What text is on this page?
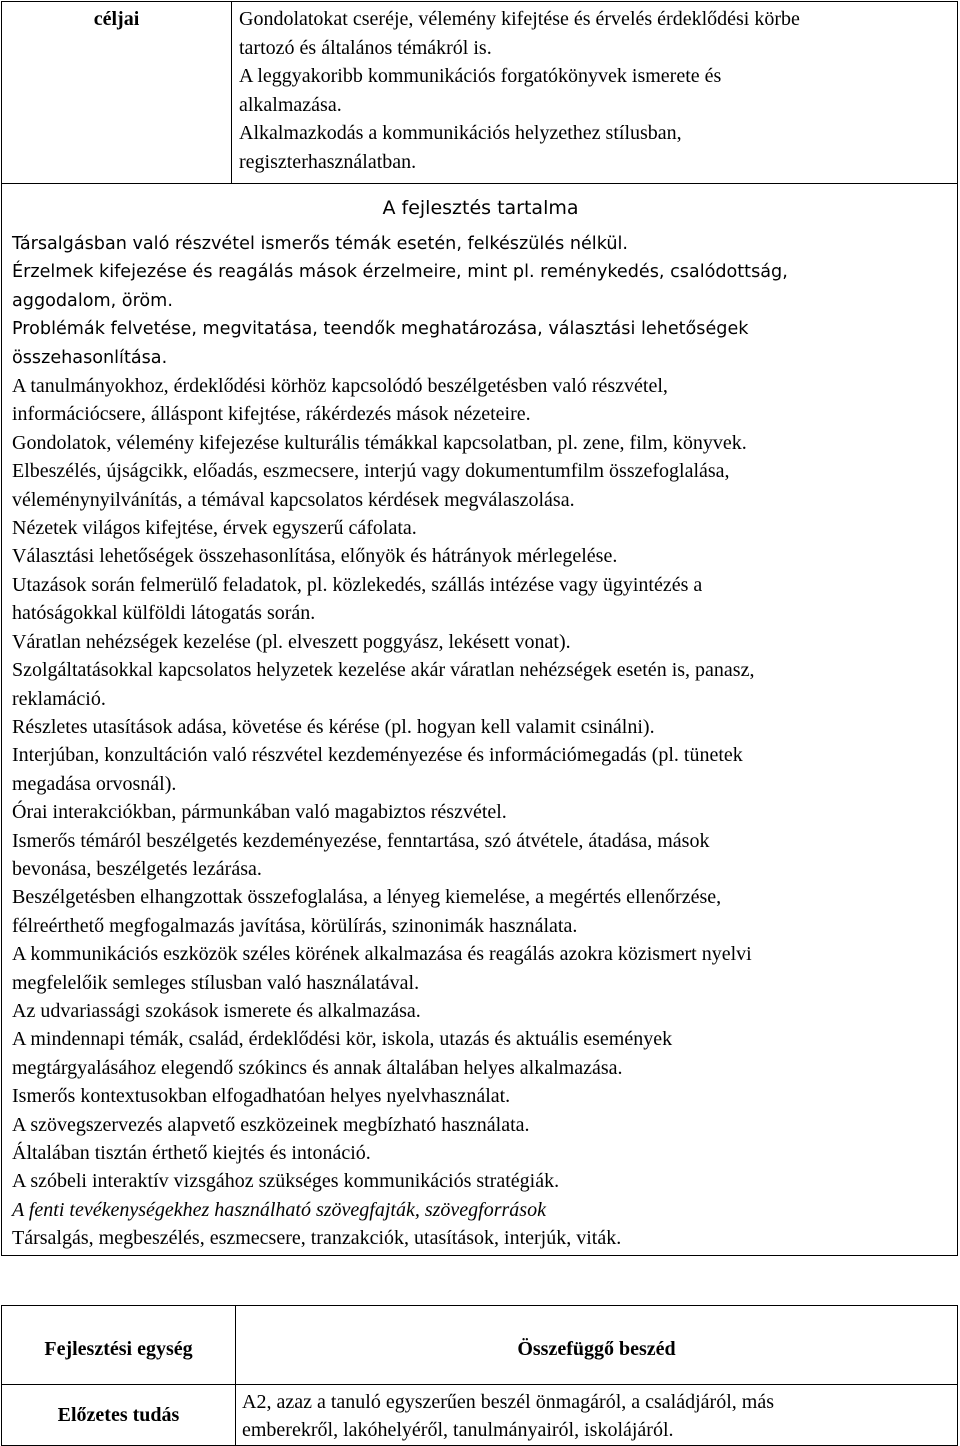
céljai	Gondolatokat cseréje, vélemény kifejtése és érvelés érdeklődési körbe
tartozó és általános témákról is.
A leggyakoribb kommunikációs forgatókönyvek ismerete és
alkalmazása.
Alkalmazkodás a kommunikációs helyzethez stílusban,
regiszterhasználatban.

A fejlesztés tartalma
Társalgásban való részvétel ismerős témák esetén, felkészülés nélkül.
Érzelmek kifejezése és reagálás mások érzelmeire, mint pl. reménykedés, csalódottság,
aggodalom, öröm.
Problémák felvetése, megvitatása, teendők meghatározása, választási lehetőségek
összehasonlítása.
A tanulmányokhoz, érdeklődési körhöz kapcsolódó beszélgetésben való részvétel,
információcsere, álláspont kifejtése, rákérdezés mások nézeteire.
Gondolatok, vélemény kifejezése kulturális témákkal kapcsolatban, pl. zene, film, könyvek.
Elbeszélés, újságcikk, előadás, eszmecsere, interjú vagy dokumentumfilm összefoglalása,
véleménynyilvánítás, a témával kapcsolatos kérdések megválaszolása.
Nézetek világos kifejtése, érvek egyszerű cáfolata.
Választási lehetőségek összehasonlítása, előnyök és hátrányok mérlegelése.
Utazások során felmerülő feladatok, pl. közlekedés, szállás intézése vagy ügyintézés a
hatóságokkal külföldi látogatás során.
Váratlan nehézségek kezelése (pl. elveszett poggyász, lekésett vonat).
Szolgáltatásokkal kapcsolatos helyzetek kezelése akár váratlan nehézségek esetén is, panasz,
reklamáció.
Részletes utasítások adása, követése és kérése (pl. hogyan kell valamit csinálni).
Interjúban, konzultáción való részvétel kezdeményezése és információmegadás (pl. tünetek
megadása orvosnál).
Órai interakciókban, pármunkában való magabiztos részvétel.
Ismerős témáról beszélgetés kezdeményezése, fenntartása, szó átvétele, átadása, mások
bevonása, beszélgetés lezárása.
Beszélgetésben elhangzottak összefoglalása, a lényeg kiemelése, a megértés ellenőrzése,
félreérthető megfogalmazás javítása, körülírás, szinonimák használata.
A kommunikációs eszközök széles körének alkalmazása és reagálás azokra közismert nyelvi
megfelelőik semleges stílusban való használatával.
Az udvariassági szokások ismerete és alkalmazása.
A mindennapi témák, család, érdeklődési kör, iskola, utazás és aktuális események
megtárgyalásához elegendő szókincs és annak általában helyes alkalmazása.
Ismerős kontextusokban elfogadhatóan helyes nyelvhasználat.
A szövegszervezés alapvető eszközeinek megbízható használata.
Általában tisztán érthető kiejtés és intonáció.
A szóbeli interaktív vizsgához szükséges kommunikációs stratégiák.
A fenti tevékenységekhez használható szövegfajták, szövegforrások
Társalgás, megbeszélés, eszmecsere, tranzakciók, utasítások, interjúk, viták.
Fejlesztési egység	Összefüggő beszéd
Előzetes tudás	A2, azaz a tanuló egyszerűen beszél önmagáról, a családjáról, más
emberekről, lakóhelyéről, tanulmányairól, iskolájáról.
